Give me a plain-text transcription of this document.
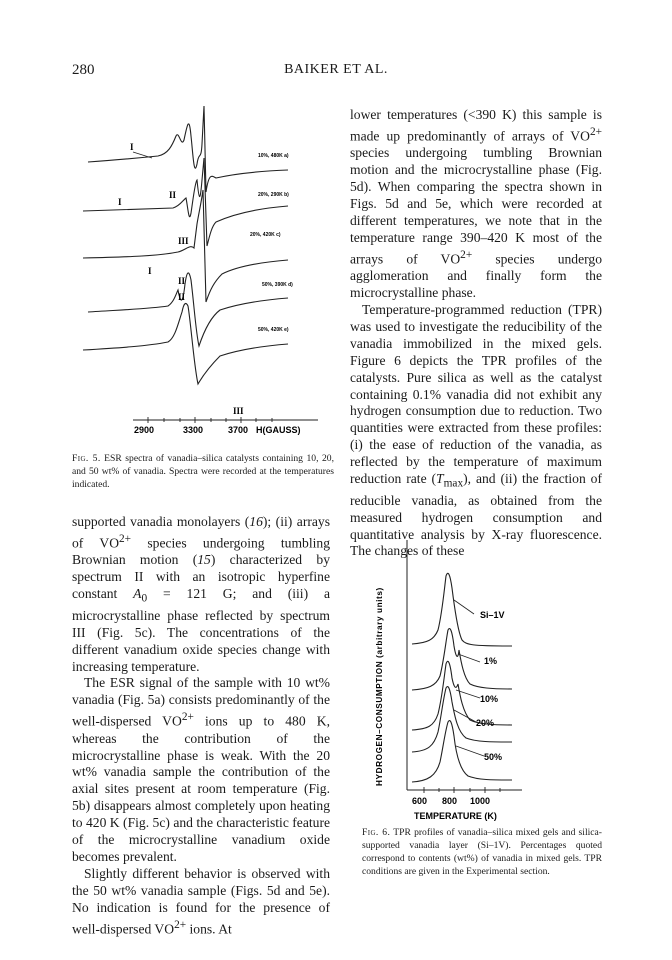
280	BAIKER ET AL.
10%, 480K a)
20%, 290K b)
20%, 420K c)
50%, 390K d)
50%, 420K e)
I
I
II
III
I
II
II
III
2900	3300	3700 H(GAUSS)
Fig. 5. ESR spectra of vanadia–silica catalysts containing 10, 20, and 50 wt% of vanadia. Spectra were recorded at the temperatures indicated.
Si–1V
1%
10%
20%
50%
HYDROGEN–CONSUMPTION (arbitrary units)
600 800 1000
TEMPERATURE (K)
Fig. 6. TPR profiles of vanadia–silica mixed gels and silica-supported vanadia layer (Si–1V). Percentages quoted correspond to contents (wt%) of vanadia in mixed gels. TPR conditions are given in the Experimental section.

lower temperatures (<390 K) this sample is made up predominantly of arrays of $VO^{2+}$ species undergoing tumbling Brownian motion and the microcrystalline phase (Fig. 5d). When comparing the spectra shown in Figs. 5d and 5e, which were recorded at different temperatures, we note that in the temperature range 390–420 K most of the arrays of $VO^{2+}$ species undergo agglomeration and finally form the microcrystalline phase.

Temperature-programmed reduction (TPR) was used to investigate the reducibility of the vanadia immobilized in the mixed gels. Figure 6 depicts the TPR profiles of the catalysts. Pure silica as well as the catalyst containing 0.1% vanadia did not exhibit any hydrogen consumption due to reduction. Two quantities were extracted from these profiles: (i) the ease of reduction of the vanadia, as reflected by the temperature of maximum reduction rate $(T_{max})$, and (ii) the fraction of reducible vanadia, as obtained from the measured hydrogen consumption and quantitative analysis by X-ray fluorescence. The changes of these

supported vanadia monolayers (16); (ii) arrays of $VO^{2+}$ species undergoing tumbling Brownian motion (15) characterized by spectrum II with an isotropic hyperfine constant $A_0 = 121$ G; and (iii) a microcrystalline phase reflected by spectrum III (Fig. 5c). The concentrations of the different vanadium oxide species change with increasing temperature.

The ESR signal of the sample with 10 wt% vanadia (Fig. 5a) consists predominantly of the well-dispersed $VO^{2+}$ ions up to 480 K, whereas the contribution of the microcrystalline phase is weak. With the 20 wt% vanadia sample the contribution of the axial sites present at room temperature (Fig. 5b) disappears almost completely upon heating to 420 K (Fig. 5c) and the characteristic feature of the microcrystalline vanadium oxide becomes prevalent.

Slightly different behavior is observed with the 50 wt% vanadia sample (Figs. 5d and 5e). No indication is found for the presence of well-dispersed $VO^{2+}$ ions. At
